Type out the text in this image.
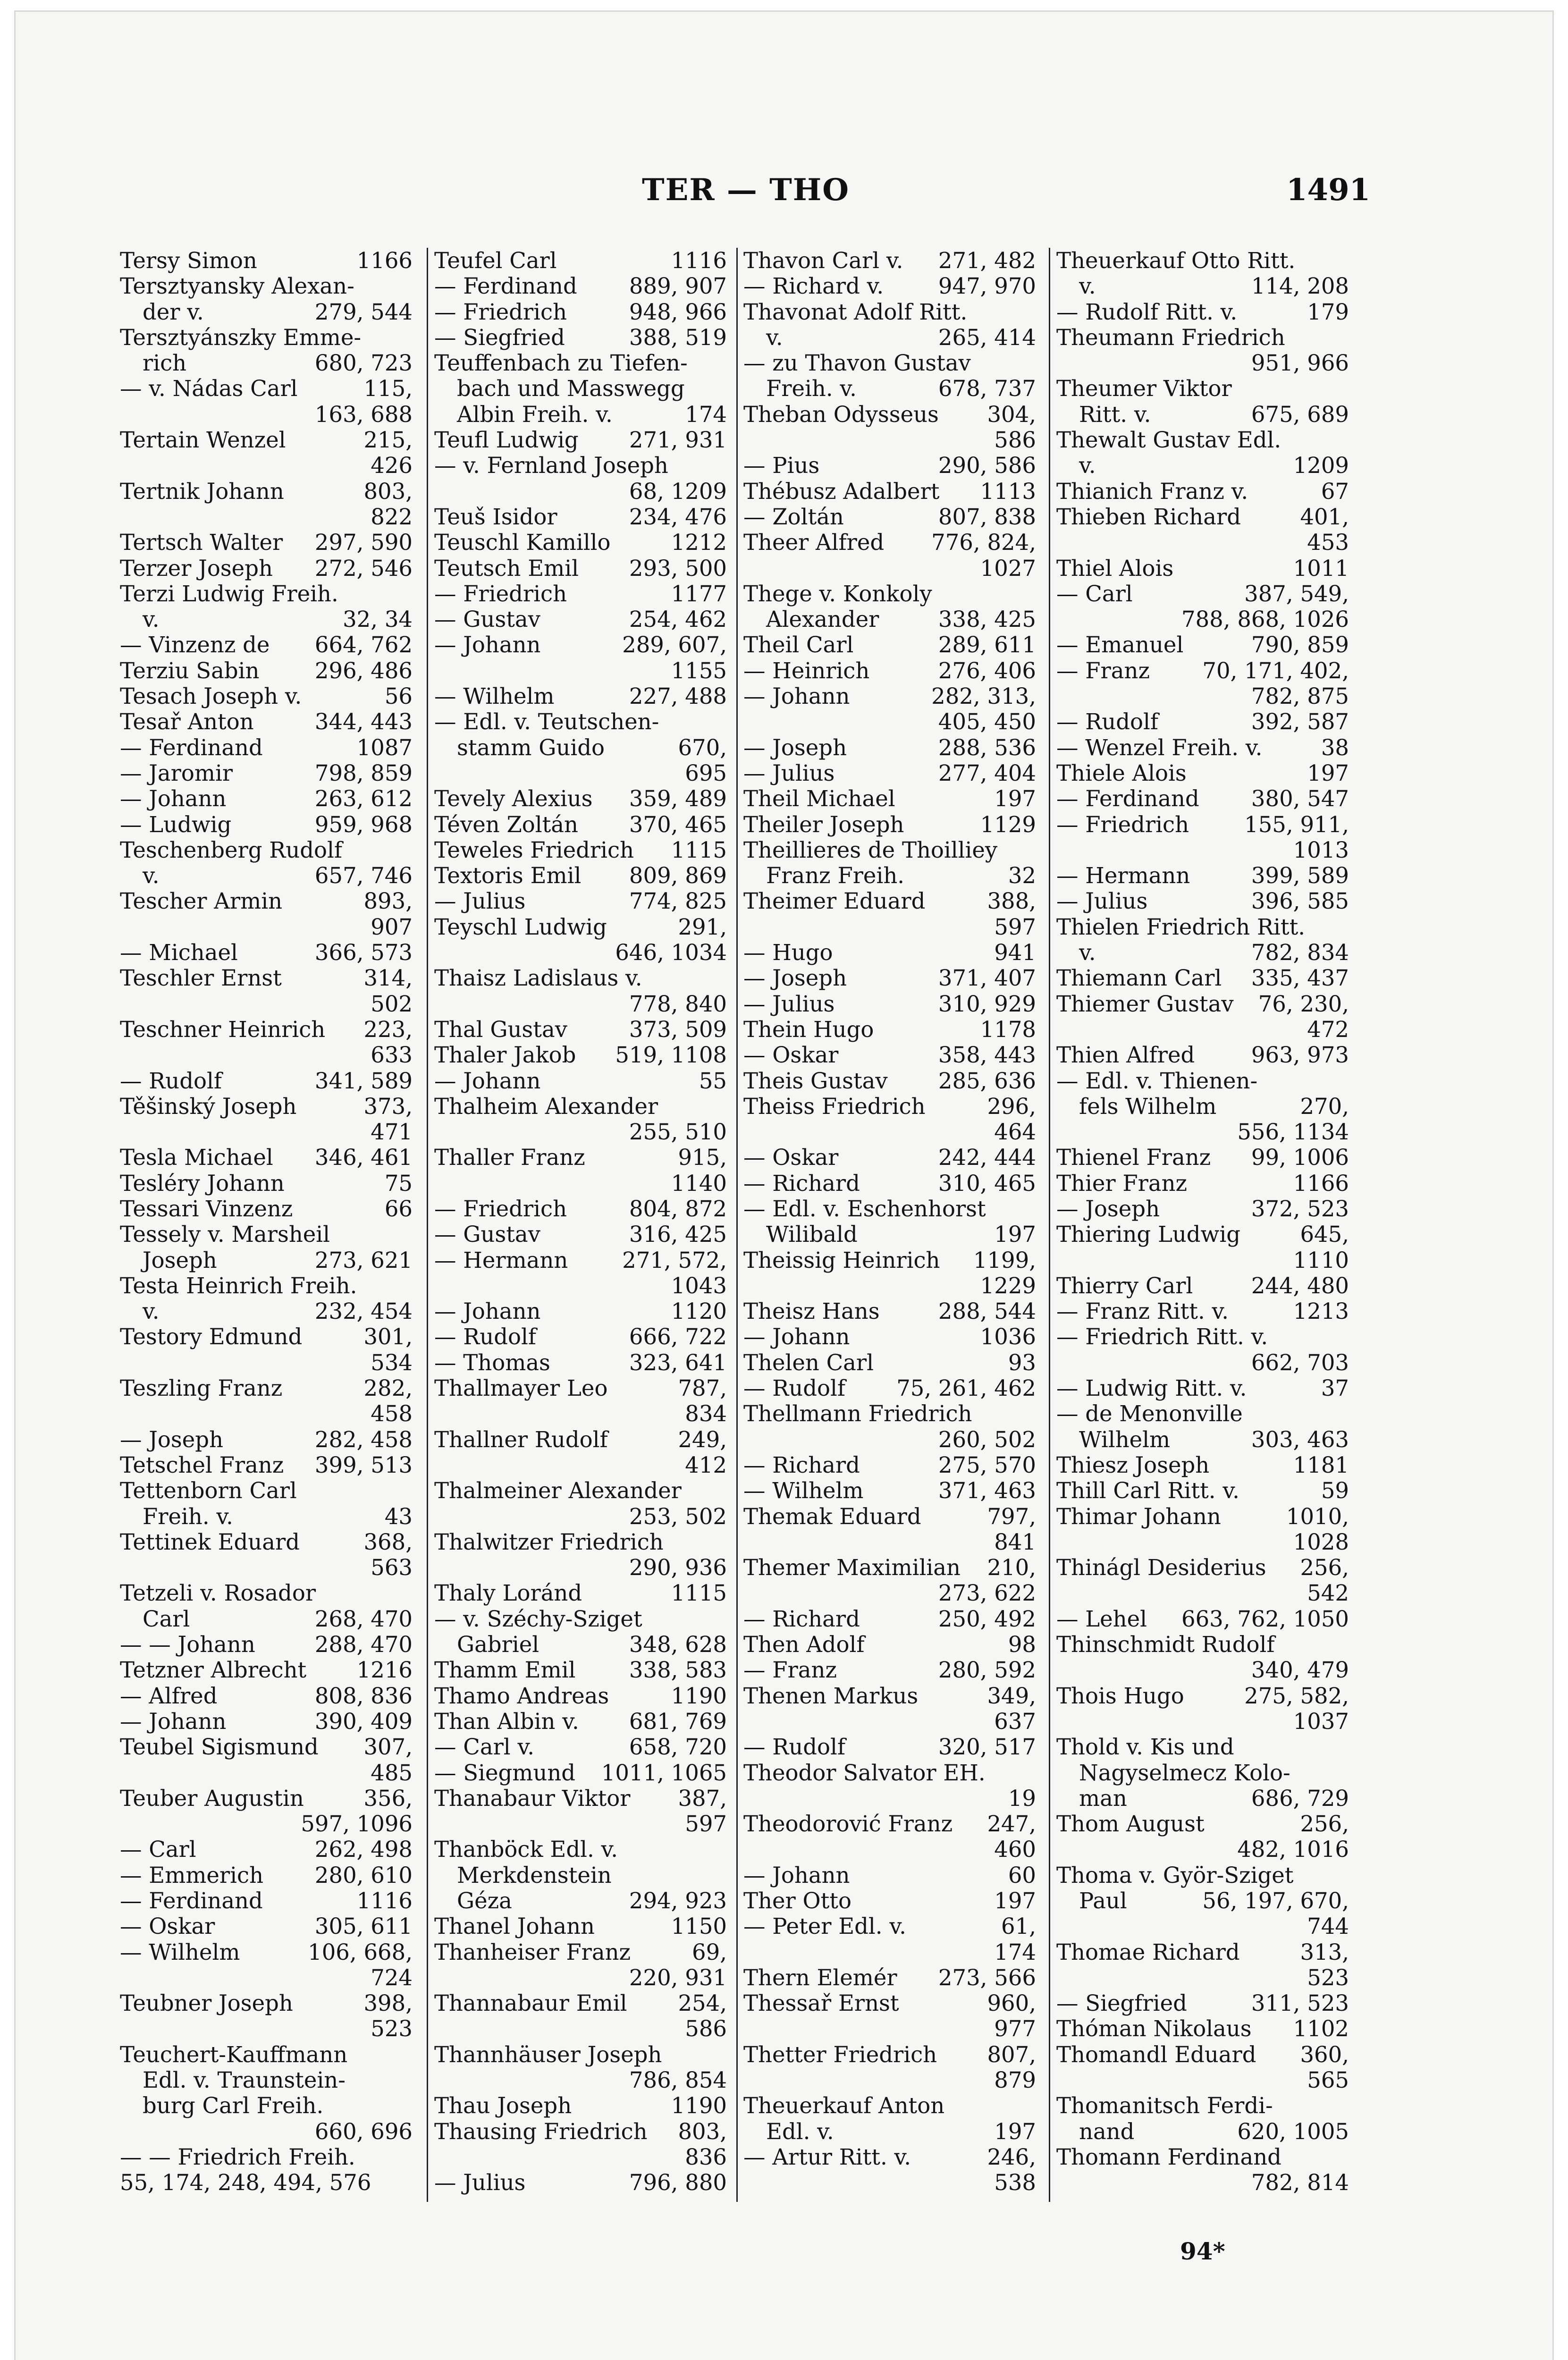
TER — THO	1491
Tersy Simon	1166
Tersztyansky Alexan-
der v.	279, 544
Tersztyánszky Emme-
rich	680, 723
— v. Nádas Carl	115,
163, 688
Tertain Wenzel	215,
426
Tertnik Johann	803,
822
Tertsch Walter 297, 590
Terzer Joseph 272, 546
Terzi Ludwig Freih.
v.	32, 34
— Vinzenz de 664, 762
Terziu Sabin	296, 486
Tesach Joseph v.	56
Tesař Anton	344, 443
— Ferdinand	1087
— Jaromir	798, 859
— Johann	263, 612
— Ludwig	959, 968
Teschenberg Rudolf
v.	657, 746
Tescher Armin	893,
907
— Michael	366, 573
Teschler Ernst	314,
502
Teschner Heinrich 223,
633
— Rudolf	341, 589
Těšinský Joseph	373,
471
Tesla Michael 346, 461
Tesléry Johann	75
Tessari Vinzenz	66
Tessely v. Marsheil
Joseph	273, 621
Testa Heinrich Freih.
v.	232, 454
Testory Edmund	301,
534
Teszling Franz	282,
458
— Joseph	282, 458
Tetschel Franz 399, 513
Tettenborn Carl
Freih. v.	43
Tettinek Eduard	368,
563
Tetzeli v. Rosador
Carl	268, 470
— — Johann	288, 470
Tetzner Albrecht 1216
— Alfred	808, 836
— Johann	390, 409
Teubel Sigismund 307,
485
Teuber Augustin	356,
597, 1096
— Carl	262, 498
— Emmerich 280, 610
— Ferdinand	1116
— Oskar	305, 611
— Wilhelm	106, 668,
724
Teubner Joseph	398,
523
Teuchert-Kauffmann
Edl. v. Traunstein-
burg Carl Freih.
660, 696
— — Friedrich Freih.
55, 174, 248, 494, 576
Teufel Carl	1116
— Ferdinand 889, 907
— Friedrich	948, 966
— Siegfried	388, 519
Teuffenbach zu Tiefen-
bach und Masswegg
Albin Freih. v.	174
Teufl Ludwig 271, 931
— v. Fernland Joseph
68, 1209
Teuš Isidor	234, 476
Teuschl Kamillo	1212
Teutsch Emil 293, 500
— Friedrich	1177
— Gustav	254, 462
— Johann	289, 607,
1155
— Wilhelm	227, 488
— Edl. v. Teutschen-
stamm Guido	670,
695
Tevely Alexius 359, 489
Téven Zoltán 370, 465
Teweles Friedrich 1115
Textoris Emil 809, 869
— Julius	774, 825
Teyschl Ludwig	291,
646, 1034
Thaisz Ladislaus v.
778, 840
Thal Gustav	373, 509
Thaler Jakob 519, 1108
— Johann	55
Thalheim Alexander
255, 510
Thaller Franz	915,
1140
— Friedrich	804, 872
— Gustav	316, 425
— Hermann 271, 572,
1043
— Johann	1120
— Rudolf	666, 722
— Thomas	323, 641
Thallmayer Leo	787,
834
Thallner Rudolf	249,
412
Thalmeiner Alexander
253, 502
Thalwitzer Friedrich
290, 936
Thaly Loránd	1115
— v. Széchy-Sziget
Gabriel	348, 628
Thamm Emil 338, 583
Thamo Andreas	1190
Than Albin v. 681, 769
— Carl v.	658, 720
— Siegmund 1011, 1065
Thanabaur Viktor 387,
597
Thanböck Edl. v.
Merkdenstein
Géza	294, 923
Thanel Johann	1150
Thanheiser Franz	69,
220, 931
Thannabaur Emil 254,
586
Thannhäuser Joseph
786, 854
Thau Joseph	1190
Thausing Friedrich 803,
836
— Julius	796, 880
Thavon Carl v. 271, 482
— Richard v. 947, 970
Thavonat Adolf Ritt.
v.	265, 414
— zu Thavon Gustav
Freih. v.	678, 737
Theban Odysseus 304,
586
— Pius	290, 586
Thébusz Adalbert 1113
— Zoltán	807, 838
Theer Alfred 776, 824,
1027
Thege v. Konkoly
Alexander	338, 425
Theil Carl	289, 611
— Heinrich	276, 406
— Johann	282, 313,
405, 450
— Joseph	288, 536
— Julius	277, 404
Theil Michael	197
Theiler Joseph	1129
Theillieres de Thoilliey
Franz Freih.	32
Theimer Eduard	388,
597
— Hugo	941
— Joseph	371, 407
— Julius	310, 929
Thein Hugo	1178
— Oskar	358, 443
Theis Gustav 285, 636
Theiss Friedrich	296,
464
— Oskar	242, 444
— Richard	310, 465
— Edl. v. Eschenhorst
Wilibald	197
Theissig Heinrich 1199,
1229
Theisz Hans	288, 544
— Johann	1036
Thelen Carl	93
— Rudolf 75, 261, 462
Thellmann Friedrich
260, 502
— Richard	275, 570
— Wilhelm	371, 463
Themak Eduard	797,
841
Themer Maximilian 210,
273, 622
— Richard	250, 492
Then Adolf	98
— Franz	280, 592
Thenen Markus	349,
637
— Rudolf	320, 517
Theodor Salvator EH.
19
Theodorović Franz 247,
460
— Johann	60
Ther Otto	197
— Peter Edl. v.	61,
174
Thern Elemér 273, 566
Thessař Ernst	960,
977
Thetter Friedrich 807,
879
Theuerkauf Anton
Edl. v.	197
— Artur Ritt. v.	246,
538
Theuerkauf Otto Ritt.
v.	114, 208
— Rudolf Ritt. v.	179
Theumann Friedrich
951, 966
Theumer Viktor
Ritt. v.	675, 689
Thewalt Gustav Edl.
v.	1209
Thianich Franz v.	67
Thieben Richard	401,
453
Thiel Alois	1011
— Carl	387, 549,
788, 868, 1026
— Emanuel	790, 859
— Franz 70, 171, 402,
782, 875
— Rudolf	392, 587
— Wenzel Freih. v.	38
Thiele Alois	197
— Ferdinand 380, 547
— Friedrich	155, 911,
1013
— Hermann	399, 589
— Julius	396, 585
Thielen Friedrich Ritt.
v.	782, 834
Thiemann Carl 335, 437
Thiemer Gustav 76, 230,
472
Thien Alfred	963, 973
— Edl. v. Thienen-
fels Wilhelm	270,
556, 1134
Thienel Franz 99, 1006
Thier Franz	1166
— Joseph	372, 523
Thiering Ludwig	645,
1110
Thierry Carl	244, 480
— Franz Ritt. v.	1213
— Friedrich Ritt. v.
662, 703
— Ludwig Ritt. v.	37
— de Menonville
Wilhelm	303, 463
Thiesz Joseph	1181
Thill Carl Ritt. v.	59
Thimar Johann	1010,
1028
Thinágl Desiderius 256,
542
— Lehel 663, 762, 1050
Thinschmidt Rudolf
340, 479
Thois Hugo	275, 582,
1037
Thold v. Kis und
Nagyselmecz Kolo-
man	686, 729
Thom August	256,
482, 1016
Thoma v. Györ-Sziget
Paul	56, 197, 670,
744
Thomae Richard	313,
523
— Siegfried	311, 523
Thóman Nikolaus 1102
Thomandl Eduard 360,
565
Thomanitsch Ferdi-
nand	620, 1005
Thomann Ferdinand
782, 814
94*
